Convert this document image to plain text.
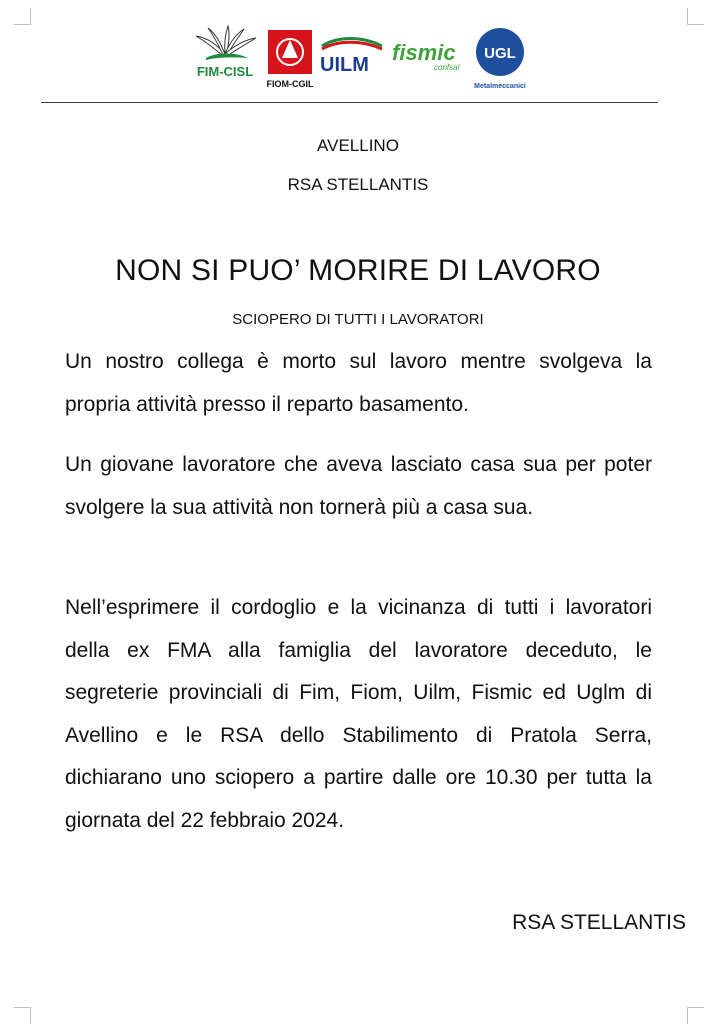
FIM-CISL
FIOM-CGIL
UILM fismic
confsal
UGL
Metalmeccanici
AVELLINO
RSA STELLANTIS
NON SI PUO’ MORIRE DI LAVORO
SCIOPERO DI TUTTI I LAVORATORI

Un nostro collega è morto sul lavoro mentre svolgeva la propria attività presso il reparto basamento.

Un giovane lavoratore che aveva lasciato casa sua per poter svolgere la sua attività non tornerà più a casa sua.

Nell’esprimere il cordoglio e la vicinanza di tutti i lavoratori della ex FMA alla famiglia del lavoratore deceduto, le segreterie provinciali di Fim, Fiom, Uilm, Fismic ed Uglm di Avellino e le RSA dello Stabilimento di Pratola Serra, dichiarano uno sciopero a partire dalle ore 10.30 per tutta la giornata del 22 febbraio 2024.

RSA STELLANTIS
